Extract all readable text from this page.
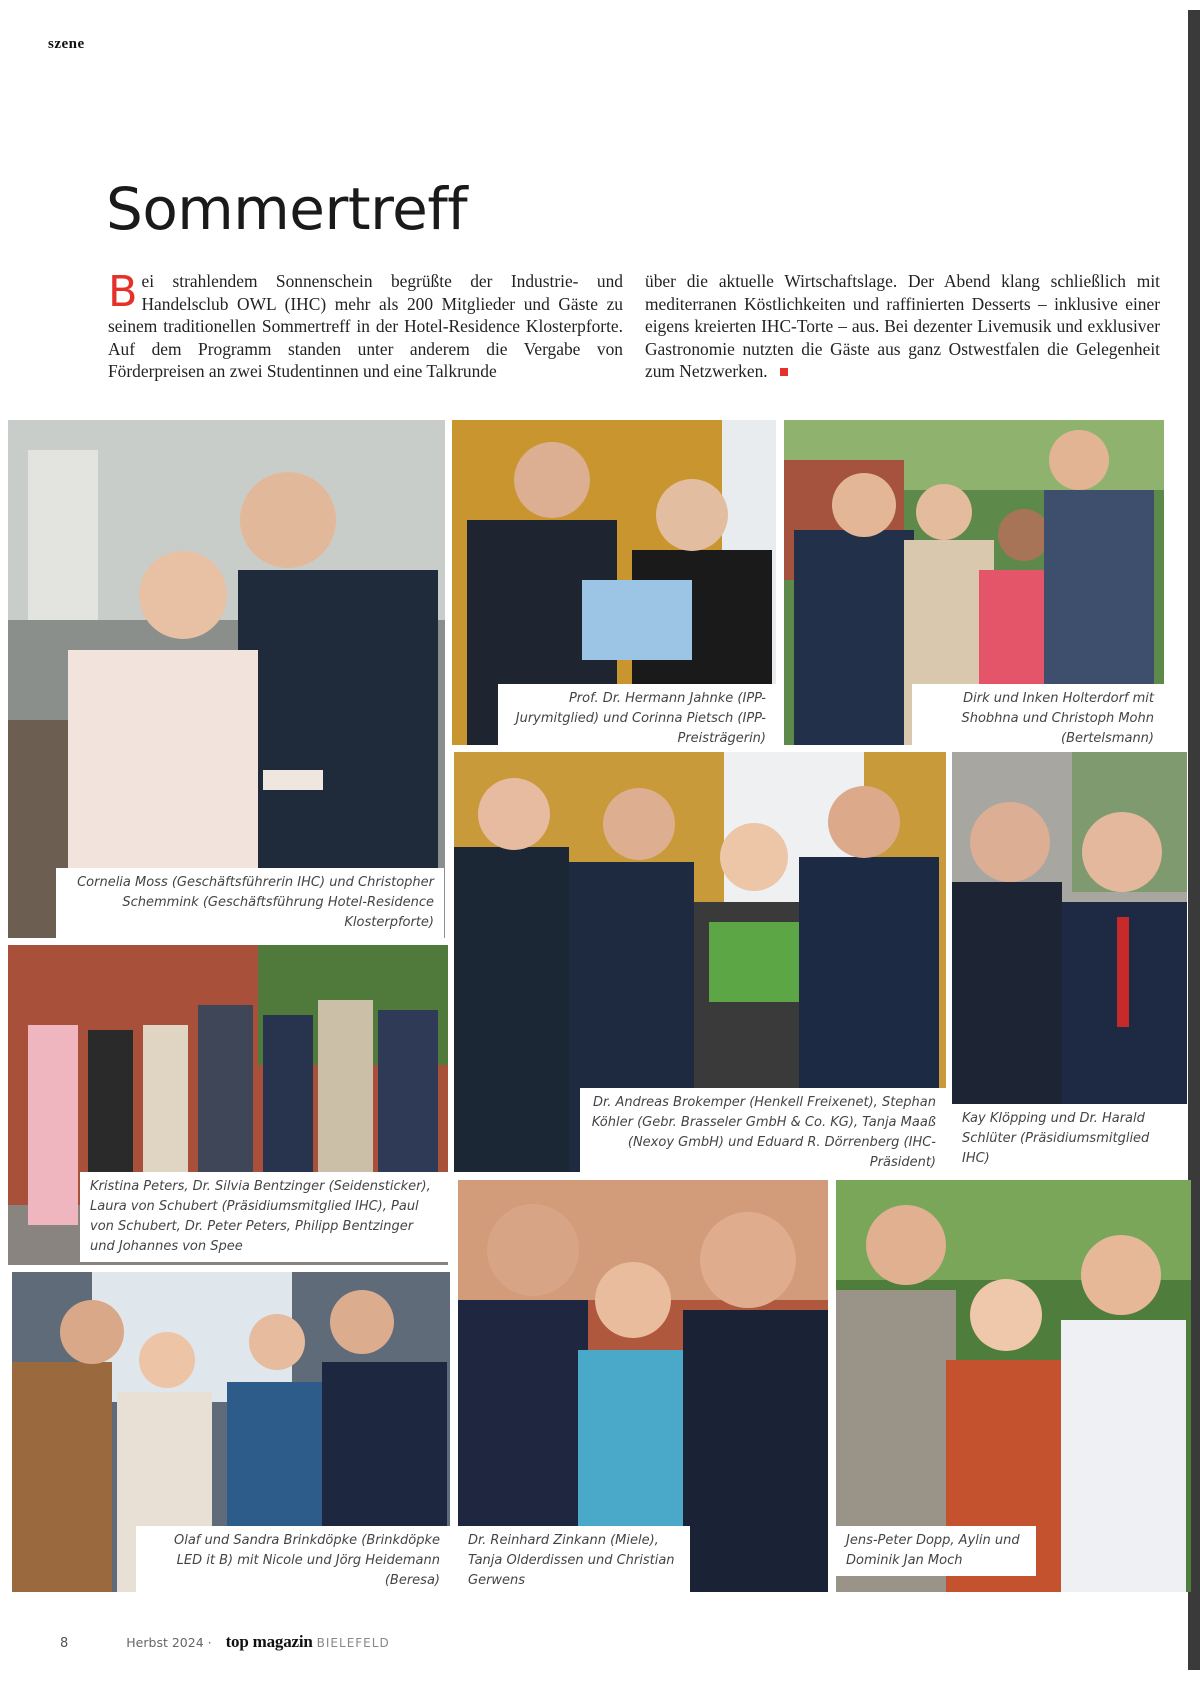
szene
Sommertreff
Bei strahlendem Sonnenschein begrüßte der Industrie- und Handelsclub OWL (IHC) mehr als 200 Mitglieder und Gäste zu seinem traditionellen Sommertreff in der Hotel-Residence Klosterpforte. Auf dem Programm standen unter anderem die Vergabe von Förderpreisen an zwei Studentinnen und eine Talkrunde
über die aktuelle Wirtschaftslage. Der Abend klang schließlich mit mediterranen Köstlichkeiten und raffinierten Desserts – inklusive einer eigens kreierten IHC-Torte – aus. Bei dezenter Livemusik und exklusiver Gastronomie nutzten die Gäste aus ganz Ostwestfalen die Gelegenheit zum Netzwerken.
Cornelia Moss (Geschäftsführerin IHC) und Christopher Schemmink (Geschäftsführung Hotel-Residence Klosterpforte)
Prof. Dr. Hermann Jahnke (IPP-Jurymitglied) und Corinna Pietsch (IPP-Preisträgerin)
Dirk und Inken Holterdorf mit Shobhna und Christoph Mohn (Bertelsmann)
Dr. Andreas Brokemper (Henkell Freixenet), Stephan Köhler (Gebr. Brasseler GmbH & Co. KG), Tanja Maaß (Nexoy GmbH) und Eduard R. Dörrenberg (IHC-Präsident)
Kay Klöpping und Dr. Harald Schlüter (Präsidiumsmitglied IHC)
Kristina Peters, Dr. Silvia Bentzinger (Seidensticker), Laura von Schubert (Präsidiumsmitglied IHC), Paul von Schubert, Dr. Peter Peters, Philipp Bentzinger und Johannes von Spee
Olaf und Sandra Brinkdöpke (Brinkdöpke LED it B) mit Nicole und Jörg Heidemann (Beresa)
Dr. Reinhard Zinkann (Miele), Tanja Olderdissen und Christian Gerwens
Jens-Peter Dopp, Aylin und Dominik Jan Moch
8	Herbst 2024 · top magazin BIELEFELD
